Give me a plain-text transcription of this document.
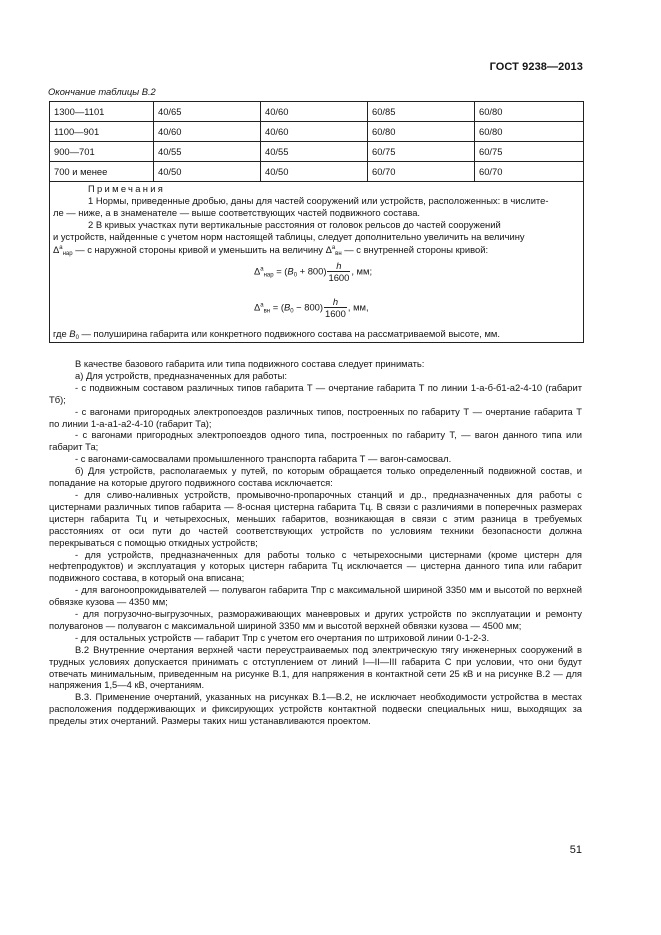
ГОСТ 9238—2013
Окончание таблицы В.2
1300—1101	40/65	40/60	60/85	60/80
1100—901	40/60	40/60	60/80	60/80
900—701	40/55	40/55	60/75	60/75
700 и менее	40/50	40/50	60/70	60/70
Примечания
1 Нормы, приведенные дробью, даны для частей сооружений или устройств, расположенных: в числите-
ле — ниже, а в знаменателе — выше соответствующих частей подвижного состава.
2 В кривых участках пути вертикальные расстояния от головок рельсов до частей сооружений
и устройств, найденные с учетом норм настоящей таблицы, следует дополнительно увеличить на величину
$\Delta^а_{нар}$ — с наружной стороны кривой и уменьшить на величину $\Delta^а_{вн}$ — с внутренней стороны кривой:
$\Delta^а_{нар} = (B_0 + 800) \frac{h}{1600}$ , мм;
$\Delta^а_{вн} = (B_0 - 800) \frac{h}{1600}$ , мм,
где $B_0$ — полуширина габарита или конкретного подвижного состава на рассматриваемой высоте, мм.

В качестве базового габарита или типа подвижного состава следует принимать:

а) Для устройств, предназначенных для работы:

- с подвижным составом различных типов габарита Т — очертание габарита Т по линии 1-а-б-б1-а2-4-10 (габарит Тб);

- с вагонами пригородных электропоездов различных типов, построенных по габариту Т — очертание габарита Т по линии 1-а-а1-а2-4-10 (габарит Та);

- с вагонами пригородных электропоездов одного типа, построенных по габариту Т, — вагон данного типа или габарит Та;

- с вагонами-самосвалами промышленного транспорта габарита Т — вагон-самосвал.

б) Для устройств, располагаемых у путей, по которым обращается только определенный подвижной состав, и попадание на которые другого подвижного состава исключается:

- для сливо-наливных устройств, промывочно-пропарочных станций и др., предназначенных для работы с цистернами различных типов габарита — 8-осная цистерна габарита Тц. В связи с различиями в поперечных размерах цистерн габарита Тц и четырехосных, меньших габаритов, возникающая в связи с этим разница в требуемых расстояниях от оси пути до частей соответствующих устройств по условиям техники безопасности должна перекрываться с помощью откидных устройств;

- для устройств, предназначенных для работы только с четырехосными цистернами (кроме цистерн для нефтепродуктов) и эксплуатация у которых цистерн габарита Тц исключается — цистерна данного типа или габарит подвижного состава, в который она вписана;

- для вагоноопрокидывателей — полувагон габарита Тпр с максимальной шириной 3350 мм и высотой по верхней обвязке кузова — 4350 мм;

- для погрузочно-выгрузочных, размораживающих маневровых и других устройств по эксплуатации и ремонту полувагонов — полувагон с максимальной шириной 3350 мм и высотой верхней обвязки кузова — 4500 мм;

- для остальных устройств — габарит Тпр с учетом его очертания по штриховой линии 0-1-2-3.

В.2 Внутренние очертания верхней части переустраиваемых под электрическую тягу инженерных сооружений в трудных условиях допускается принимать с отступлением от линий I—II—III габарита С при условии, что они будут отвечать минимальным, приведенным на рисунке В.1, для напряжения в контактной сети 25 кВ и на рисунке В.2 — для напряжения 1,5—4 кВ, очертаниям.

В.3. Применение очертаний, указанных на рисунках В.1—В.2, не исключает необходимости устройства в местах расположения поддерживающих и фиксирующих устройств контактной подвески специальных ниш, выходящих за пределы этих очертаний. Размеры таких ниш устанавливаются проектом.

51
